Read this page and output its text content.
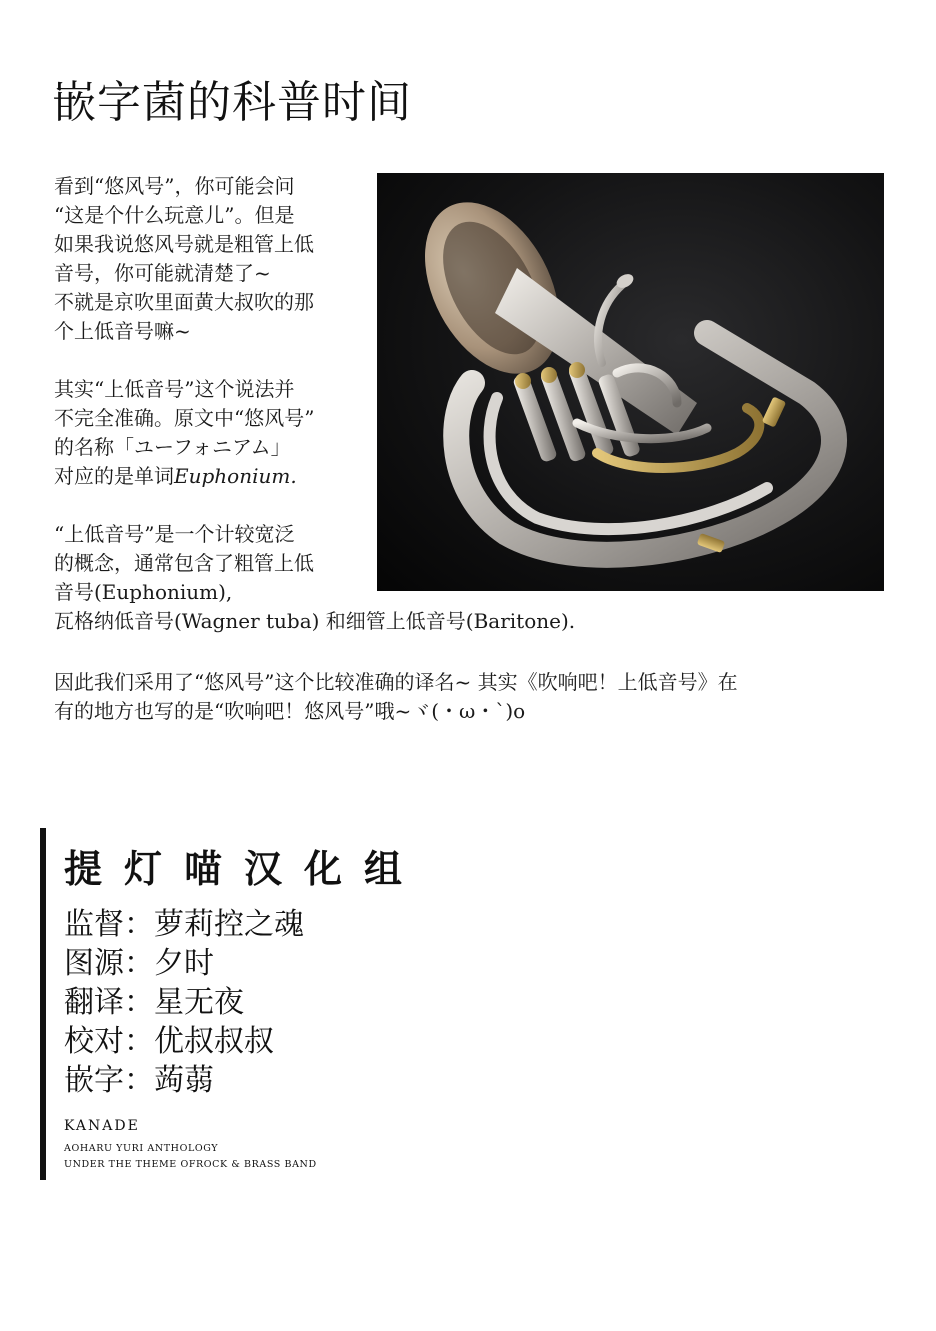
嵌字菌的科普时间

看到“悠风号”，你可能会问

“这是个什么玩意儿”。但是

如果我说悠风号就是粗管上低

音号，你可能就清楚了~

不就是京吹里面黄大叔吹的那

个上低音号嘛~

其实“上低音号”这个说法并

不完全准确。原文中“悠风号”

的名称「ユーフォニアム」

对应的是单词Euphonium.

“上低音号”是一个计较宽泛

的概念，通常包含了粗管上低

音号(Euphonium),

瓦格纳低音号(Wagner tuba) 和细管上低音号(Baritone).

因此我们采用了“悠风号”这个比较准确的译名~ 其实《吹响吧！上低音号》在

有的地方也写的是“吹响吧！悠风号”哦~ヾ(・ω・`)o

提灯喵汉化组
监督：萝莉控之魂
图源：夕时
翻译：星无夜
校对：优叔叔叔
嵌字：蒟蒻
KANADE
AOHARU YURI ANTHOLOGY
UNDER THE THEME OFROCK & BRASS BAND
